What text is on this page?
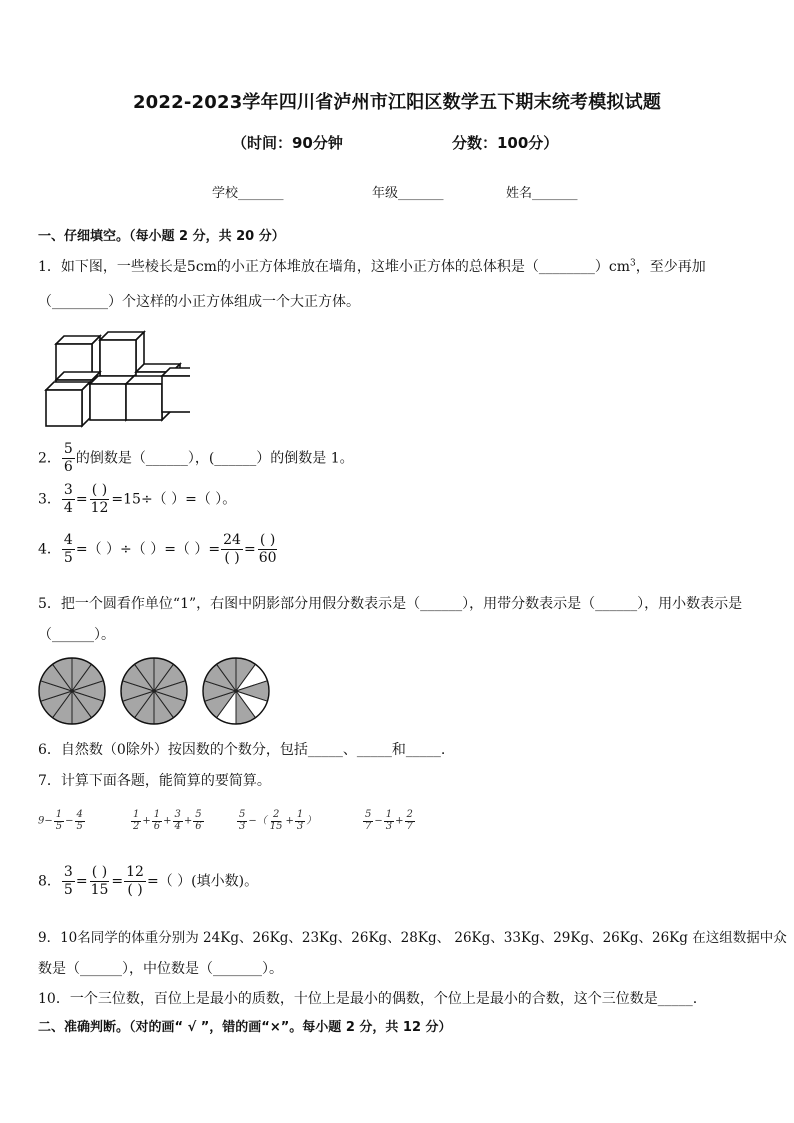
2022-2023学年四川省泸州市江阳区数学五下期末统考模拟试题
（时间：90分钟	分数：100分）
学校_______	年级_______	姓名_______
一、仔细填空。（每小题 2 分，共 20 分）
1．如下图，一些棱长是5cm的小正方体堆放在墙角，这堆小正方体的总体积是$(\_\_\_\_\_\_\_\_)cm^3$，至少再加
（________）个这样的小正方体组成一个大正方体。
2． $\frac{5}{6}$ 的倒数是（______），(______）的倒数是 1。
3． $\frac{3}{4} = \frac{( )}{12} =15\div$（ ）=（ ）。
4． $\frac{4}{5}$ =（ ）÷（ ）=（ ）= $\frac{24}{( )} = \frac{( )}{60}$
5．把一个圆看作单位“1”，右图中阴影部分用假分数表示是（______），用带分数表示是（______），用小数表示是
（______）。
6．自然数（0除外）按因数的个数分，包括_____、_____和_____.
7．计算下面各题，能简算的要简算。
$9- \frac{1}{5} - \frac{4}{5}$	$\frac{1}{2} + \frac{1}{6} + \frac{3}{4} + \frac{5}{6}$	$\frac{5}{3}$ −（ $\frac{2}{15} + \frac{1}{3}$ ）	$\frac{5}{7} - \frac{1}{3} + \frac{2}{7}$
8． $\frac{3}{5} = \frac{( )}{15} = \frac{12}{( )}$ =（ ）(填小数)。
9．10名同学的体重分别为 24Kg、26Kg、23Kg、26Kg、28Kg、 26Kg、33Kg、29Kg、26Kg、26Kg 在这组数据中众
数是（______），中位数是（_______）。
10．一个三位数，百位上是最小的质数，十位上是最小的偶数，个位上是最小的合数，这个三位数是_____.
二、准确判断。（对的画“ √ ”，错的画“×”。每小题 2 分，共 12 分）
